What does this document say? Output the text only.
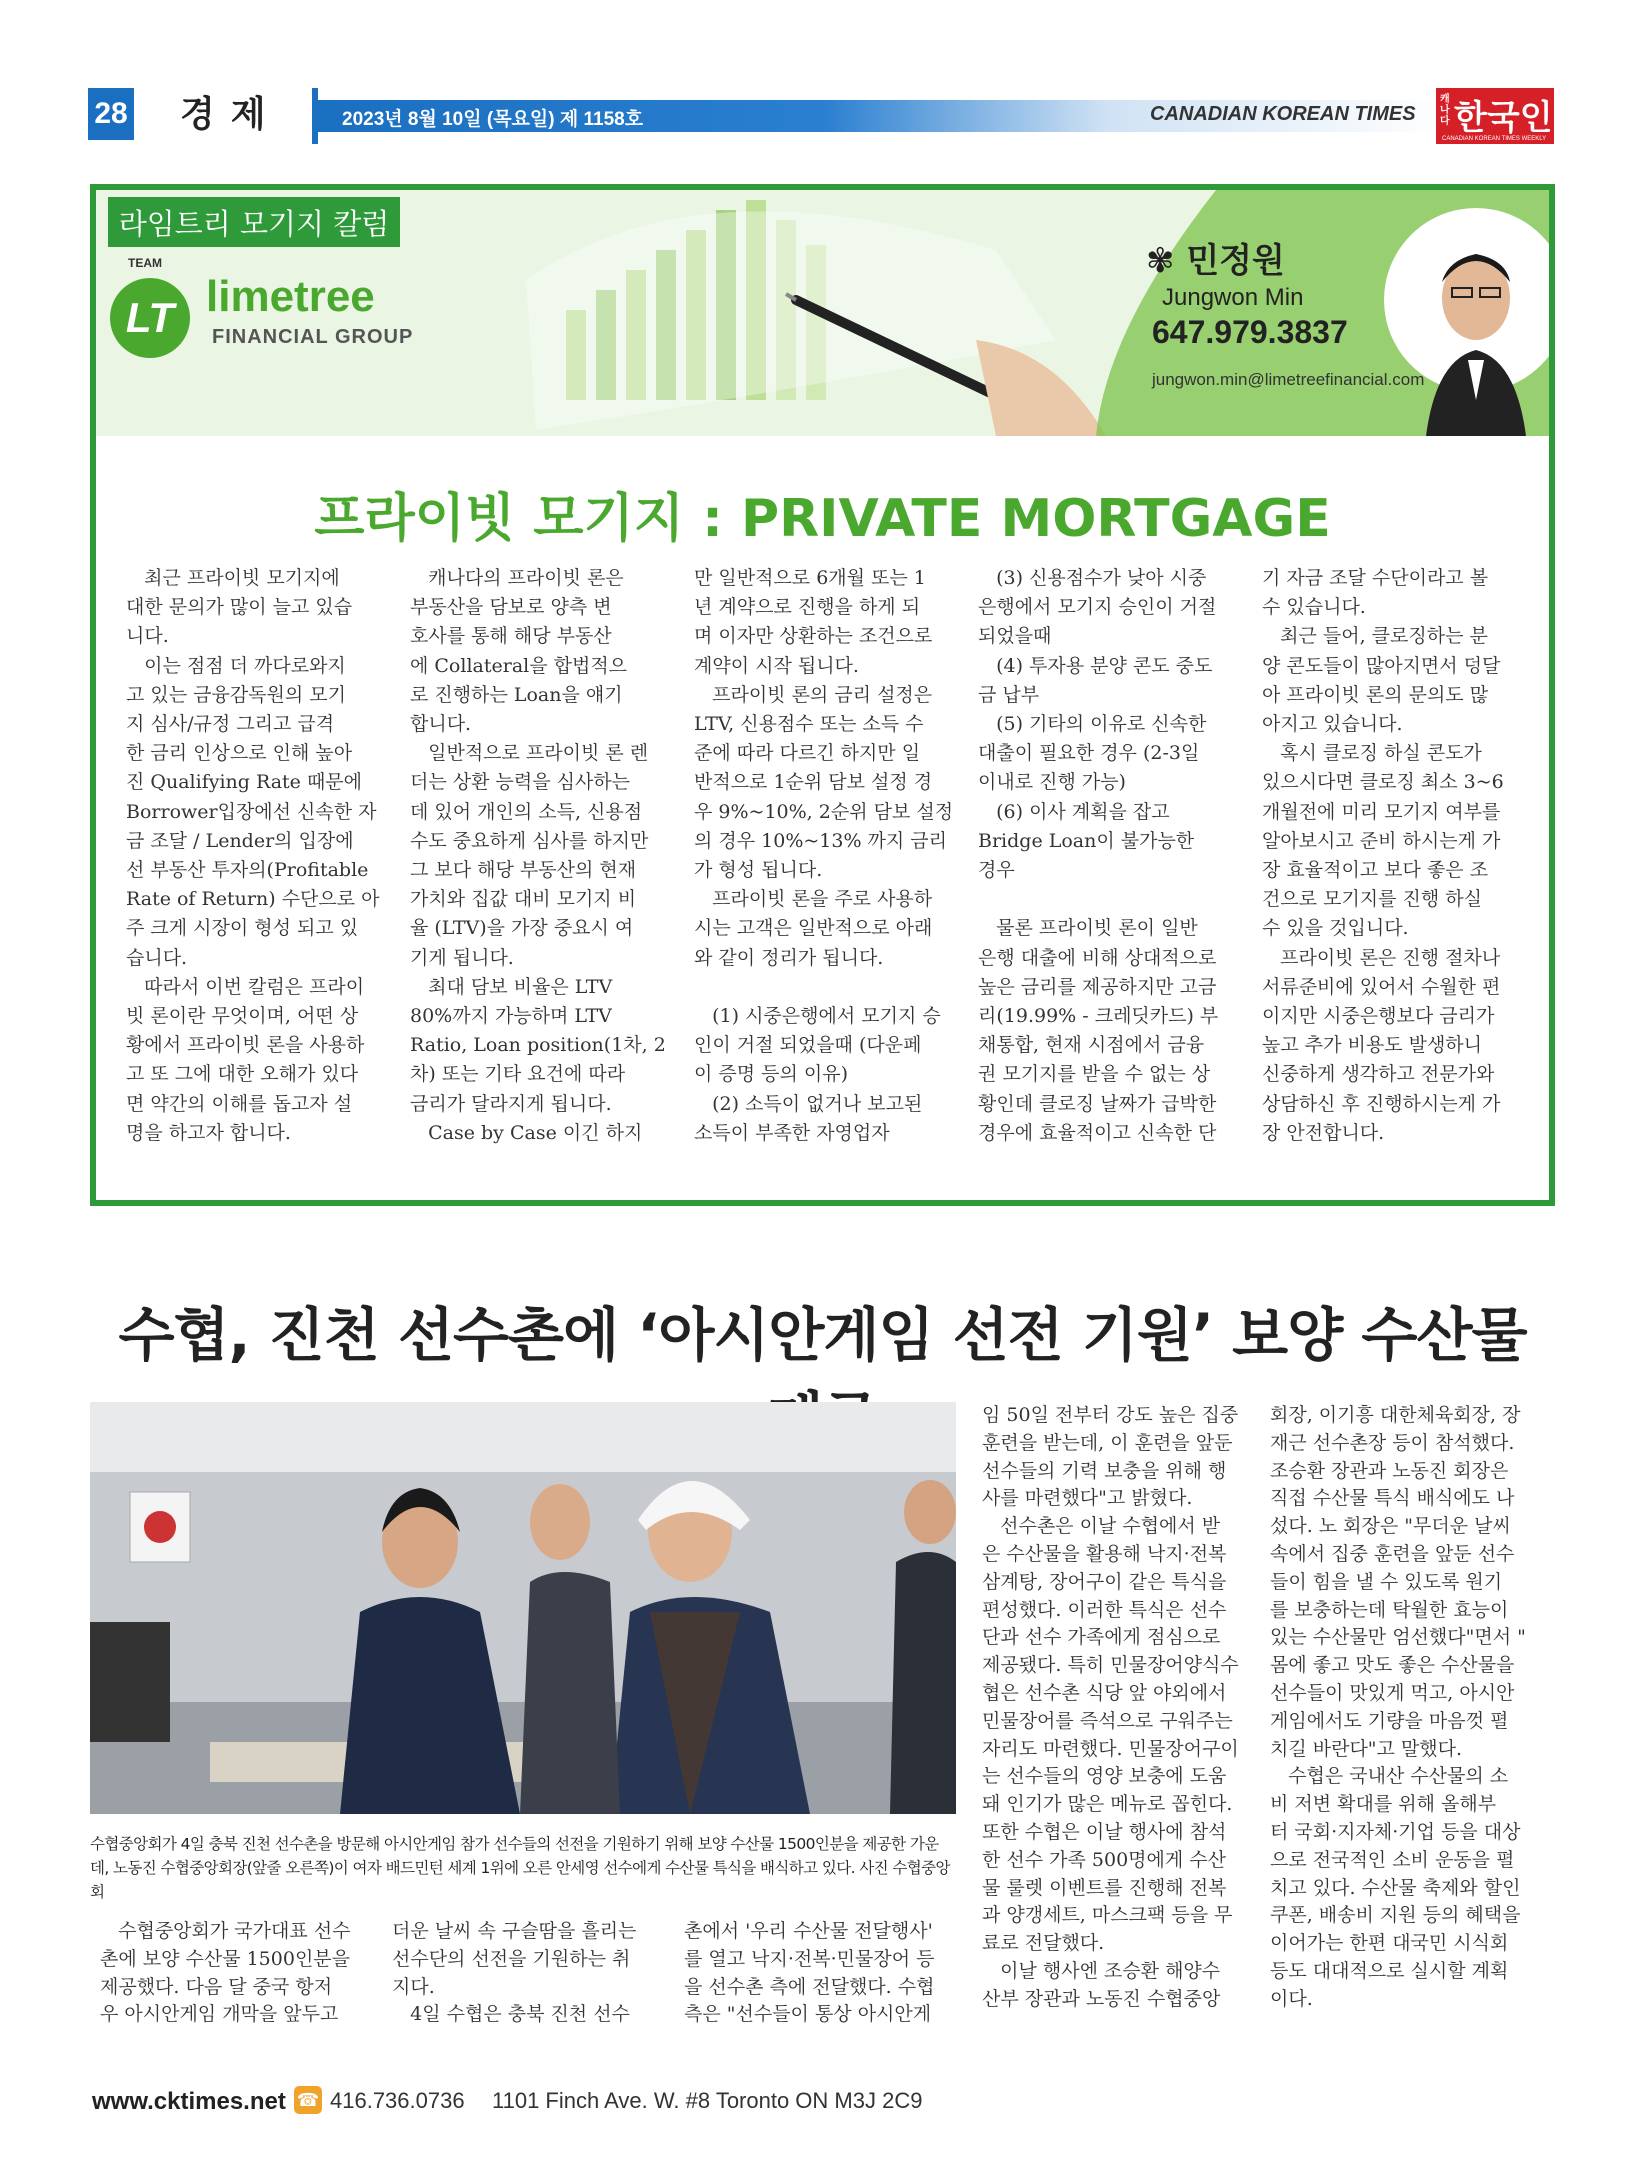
28 경제	2023년 8월 10일 (목요일) 제 1158호	CANADIAN KOREAN TIMES
캐나다 한국인
CANADIAN KOREAN TIMES WEEKLY
라임트리 모기지 칼럼
TEAM
LT limetree
FINANCIAL GROUP
✾ 민정원
Jungwon Min
647.979.3837
jungwon.min@limetreefinancial.com
프라이빗 모기지 : PRIVATE MORTGAGE
최근 프라이빗 모기지에
대한 문의가 많이 늘고 있습
니다.
이는 점점 더 까다로와지
고 있는 금융감독원의 모기
지 심사/규정 그리고 급격
한 금리 인상으로 인해 높아
진 Qualifying Rate 때문에
Borrower입장에선 신속한 자
금 조달 / Lender의 입장에
선 부동산 투자의(Profitable
Rate of Return) 수단으로 아
주 크게 시장이 형성 되고 있
습니다.
따라서 이번 칼럼은 프라이
빗 론이란 무엇이며, 어떤 상
황에서 프라이빗 론을 사용하
고 또 그에 대한 오해가 있다
면 약간의 이해를 돕고자 설
명을 하고자 합니다.
캐나다의 프라이빗 론은
부동산을 담보로 양측 변
호사를 통해 해당 부동산
에 Collateral을 합법적으
로 진행하는 Loan을 얘기
합니다.
일반적으로 프라이빗 론 렌
더는 상환 능력을 심사하는
데 있어 개인의 소득, 신용점
수도 중요하게 심사를 하지만
그 보다 해당 부동산의 현재
가치와 집값 대비 모기지 비
율 (LTV)을 가장 중요시 여
기게 됩니다.
최대 담보 비율은 LTV
80%까지 가능하며 LTV
Ratio, Loan position(1차, 2
차) 또는 기타 요건에 따라
금리가 달라지게 됩니다.
Case by Case 이긴 하지
만 일반적으로 6개월 또는 1
년 계약으로 진행을 하게 되
며 이자만 상환하는 조건으로
계약이 시작 됩니다.
프라이빗 론의 금리 설정은
LTV, 신용점수 또는 소득 수
준에 따라 다르긴 하지만 일
반적으로 1순위 담보 설정 경
우 9%~10%, 2순위 담보 설정
의 경우 10%~13% 까지 금리
가 형성 됩니다.
프라이빗 론을 주로 사용하
시는 고객은 일반적으로 아래
와 같이 정리가 됩니다.

(1) 시중은행에서 모기지 승
인이 거절 되었을때 (다운페
이 증명 등의 이유)
(2) 소득이 없거나 보고된
소득이 부족한 자영업자
(3) 신용점수가 낮아 시중
은행에서 모기지 승인이 거절
되었을때
(4) 투자용 분양 콘도 중도
금 납부
(5) 기타의 이유로 신속한
대출이 필요한 경우 (2-3일
이내로 진행 가능)
(6) 이사 계획을 잡고
Bridge Loan이 불가능한
경우

물론 프라이빗 론이 일반
은행 대출에 비해 상대적으로
높은 금리를 제공하지만 고금
리(19.99% - 크레딧카드) 부
채통합, 현재 시점에서 금융
권 모기지를 받을 수 없는 상
황인데 클로징 날짜가 급박한
경우에 효율적이고 신속한 단
기 자금 조달 수단이라고 볼
수 있습니다.
최근 들어, 클로징하는 분
양 콘도들이 많아지면서 덩달
아 프라이빗 론의 문의도 많
아지고 있습니다.
혹시 클로징 하실 콘도가
있으시다면 클로징 최소 3~6
개월전에 미리 모기지 여부를
알아보시고 준비 하시는게 가
장 효율적이고 보다 좋은 조
건으로 모기지를 진행 하실
수 있을 것입니다.
프라이빗 론은 진행 절차나
서류준비에 있어서 수월한 편
이지만 시중은행보다 금리가
높고 추가 비용도 발생하니
신중하게 생각하고 전문가와
상담하신 후 진행하시는게 가
장 안전합니다.
수협, 진천 선수촌에 ‘아시안게임 선전 기원’ 보양 수산물
수협중앙회가 4일 충북 진천 선수촌을 방문해 아시안게임 참가 선수들의 선전을 기원하기 위해 보양 수산물 1500인분을 제공한 가운데, 노동진 수협중앙회장(앞줄 오른쪽)이 여자 배드민턴 세계 1위에 오른 안세영 선수에게 수산물 특식을 배식하고 있다. 사진 수협중앙회
수협중앙회가 국가대표 선수
촌에 보양 수산물 1500인분을
제공했다. 다음 달 중국 항저
우 아시안게임 개막을 앞두고
더운 날씨 속 구슬땀을 흘리는
선수단의 선전을 기원하는 취
지다.
4일 수협은 충북 진천 선수
촌에서 '우리 수산물 전달행사'
를 열고 낙지·전복·민물장어 등
을 선수촌 측에 전달했다. 수협
측은 "선수들이 통상 아시안게
임 50일 전부터 강도 높은 집중
훈련을 받는데, 이 훈련을 앞둔
선수들의 기력 보충을 위해 행
사를 마련했다"고 밝혔다.
선수촌은 이날 수협에서 받
은 수산물을 활용해 낙지·전복
삼계탕, 장어구이 같은 특식을
편성했다. 이러한 특식은 선수
단과 선수 가족에게 점심으로
제공됐다. 특히 민물장어양식수
협은 선수촌 식당 앞 야외에서
민물장어를 즉석으로 구워주는
자리도 마련했다. 민물장어구이
는 선수들의 영양 보충에 도움
돼 인기가 많은 메뉴로 꼽힌다.
또한 수협은 이날 행사에 참석
한 선수 가족 500명에게 수산
물 룰렛 이벤트를 진행해 전복
과 양갱세트, 마스크팩 등을 무
료로 전달했다.
이날 행사엔 조승환 해양수
산부 장관과 노동진 수협중앙
회장, 이기흥 대한체육회장, 장
재근 선수촌장 등이 참석했다.
조승환 장관과 노동진 회장은
직접 수산물 특식 배식에도 나
섰다. 노 회장은 "무더운 날씨
속에서 집중 훈련을 앞둔 선수
들이 힘을 낼 수 있도록 원기
를 보충하는데 탁월한 효능이
있는 수산물만 엄선했다"면서 "
몸에 좋고 맛도 좋은 수산물을
선수들이 맛있게 먹고, 아시안
게임에서도 기량을 마음껏 펼
치길 바란다"고 말했다.
수협은 국내산 수산물의 소
비 저변 확대를 위해 올해부
터 국회·지자체·기업 등을 대상
으로 전국적인 소비 운동을 펼
치고 있다. 수산물 축제와 할인
쿠폰, 배송비 지원 등의 혜택을
이어가는 한편 대국민 시식회
등도 대대적으로 실시할 계획
이다.
www.cktimes.net ☎ 416.736.0736 1101 Finch Ave. W. #8 Toronto ON M3J 2C9
